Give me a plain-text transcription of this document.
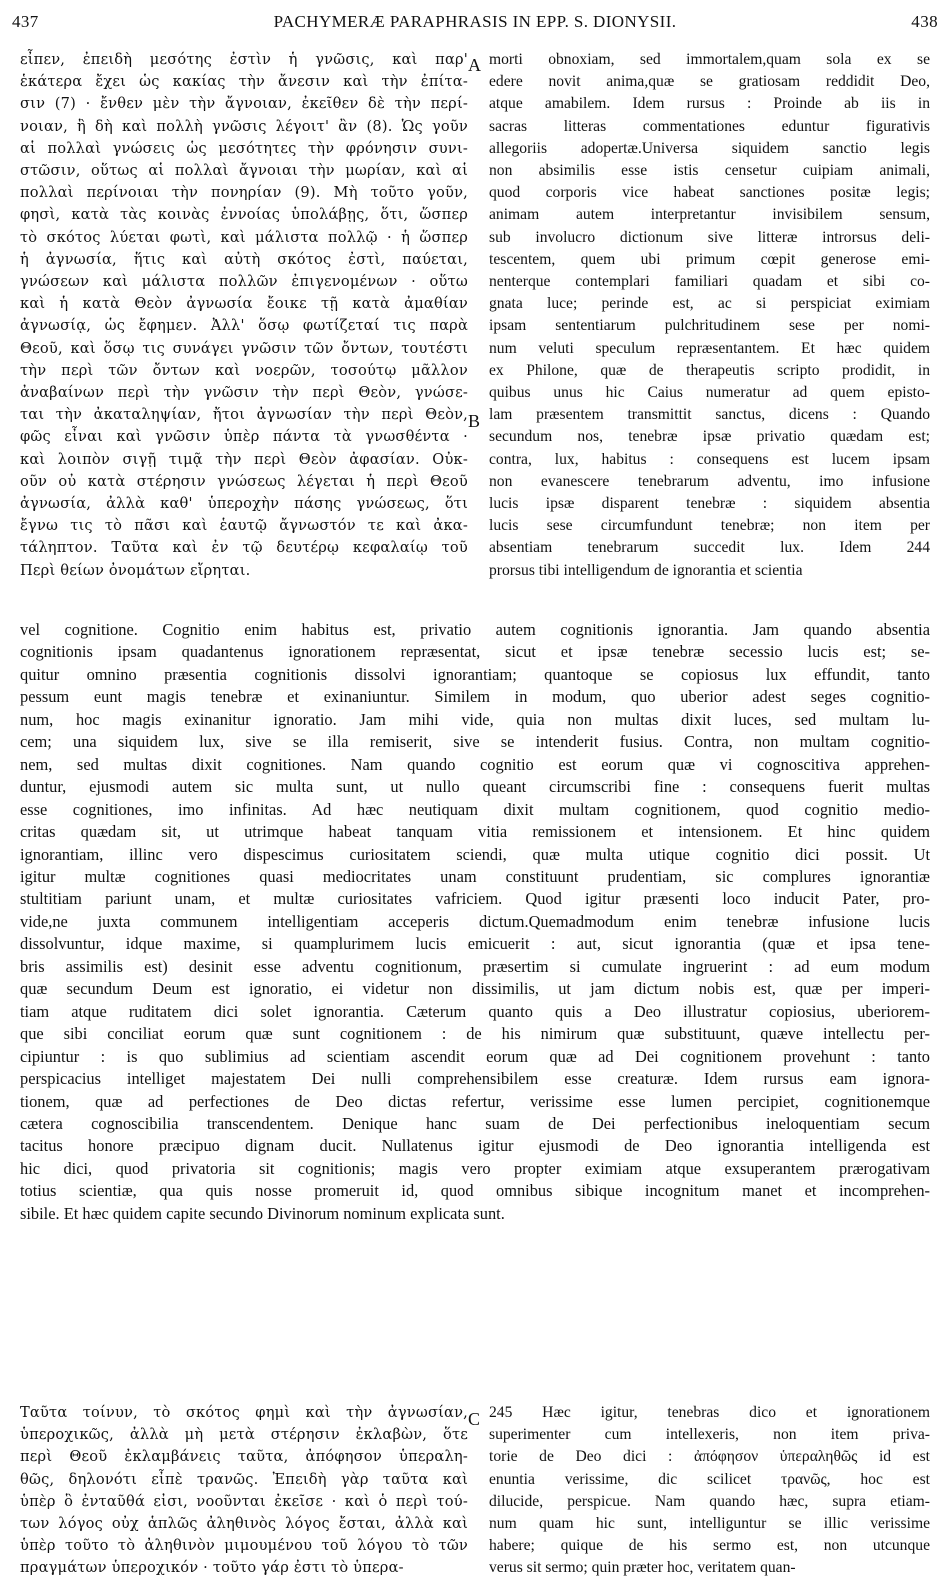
437	PACHYMERÆ PARAPHRASIS IN EPP. S. DIONYSII.	438
A
B
C
εἶπεν, ἐπειδὴ μεσότης ἐστὶν ἡ γνῶσις, καὶ παρ'
ἑκάτερα ἔχει ὡς κακίας τὴν ἄνεσιν καὶ τὴν ἐπίτα-
σιν (7) · ἔνθεν μὲν τὴν ἄγνοιαν, ἐκεῖθεν δὲ τὴν περί-
νοιαν, ἣ δὴ καὶ πολλὴ γνῶσις λέγοιτ' ἂν (8). Ὡς γοῦν
αἱ πολλαὶ γνώσεις ὡς μεσότητες τὴν φρόνησιν συνι-
στῶσιν, οὕτως αἱ πολλαὶ ἄγνοιαι τὴν μωρίαν, καὶ αἱ
πολλαὶ περίνοιαι τὴν πονηρίαν (9). Μὴ τοῦτο γοῦν,
φησὶ, κατὰ τὰς κοινὰς ἐννοίας ὑπολάβῃς, ὅτι, ὥσπερ
τὸ σκότος λύεται φωτὶ, καὶ μάλιστα πολλῷ · ἡ ὥσπερ
ἡ ἀγνωσία, ἥτις καὶ αὐτὴ σκότος ἐστὶ, παύεται,
γνώσεων καὶ μάλιστα πολλῶν ἐπιγενομένων · οὕτω
καὶ ἡ κατὰ Θεὸν ἀγνωσία ἔοικε τῇ κατὰ ἀμαθίαν
ἀγνωσίᾳ, ὡς ἔφημεν. Ἀλλ' ὅσῳ φωτίζεταί τις παρὰ
Θεοῦ, καὶ ὅσῳ τις συνάγει γνῶσιν τῶν ὄντων, τουτέστι
τὴν περὶ τῶν ὄντων καὶ νοερῶν, τοσούτῳ μᾶλλον
ἀναβαίνων περὶ τὴν γνῶσιν τὴν περὶ Θεὸν, γνώσε-
ται τὴν ἀκαταληψίαν, ἤτοι ἀγνωσίαν τὴν περὶ Θεὸν,
φῶς εἶναι καὶ γνῶσιν ὑπὲρ πάντα τὰ γνωσθέντα ·
καὶ λοιπὸν σιγῇ τιμᾷ τὴν περὶ Θεὸν ἀφασίαν. Οὐκ-
οῦν οὐ κατὰ στέρησιν γνώσεως λέγεται ἡ περὶ Θεοῦ
ἀγνωσία, ἀλλὰ καθ' ὑπεροχὴν πάσης γνώσεως, ὅτι
ἔγνω τις τὸ πᾶσι καὶ ἑαυτῷ ἄγνωστόν τε καὶ ἀκα-
τάληπτον. Ταῦτα καὶ ἐν τῷ δευτέρῳ κεφαλαίῳ τοῦ
Περὶ θείων ὀνομάτων εἴρηται.
morti obnoxiam, sed immortalem,quam sola ex se
edere novit anima,quæ se gratiosam reddidit Deo,
atque amabilem. Idem rursus : Proinde ab iis in
sacras litteras commentationes eduntur figurativis
allegoriis adopertæ.Universa siquidem sanctio legis
non absimilis esse istis censetur cuipiam animali,
quod corporis vice habeat sanctiones positæ legis;
animam autem interpretantur invisibilem sensum,
sub involucro dictionum sive litteræ introrsus deli-
tescentem, quem ubi primum cœpit generose emi-
nenterque contemplari familiari quadam et sibi co-
gnata luce; perinde est, ac si perspiciat eximiam
ipsam sententiarum pulchritudinem sese per nomi-
num veluti speculum repræsentantem. Et hæc quidem
ex Philone, quæ de therapeutis scripto prodidit, in
quibus unus hic Caius numeratur ad quem episto-
lam præsentem transmittit sanctus, dicens : Quando
secundum nos, tenebræ ipsæ privatio quædam est;
contra, lux, habitus : consequens est lucem ipsam
non evanescere tenebrarum adventu, imo infusione
lucis ipsæ disparent tenebræ : siquidem absentia
lucis sese circumfundunt tenebræ; non item per
absentiam tenebrarum succedit lux. Idem 244
prorsus tibi intelligendum de ignorantia et scientia
vel cognitione. Cognitio enim habitus est, privatio autem cognitionis ignorantia. Jam quando absentia
cognitionis ipsam quadantenus ignorationem repræsentat, sicut et ipsæ tenebræ secessio lucis est; se-
quitur omnino præsentia cognitionis dissolvi ignorantiam; quantoque se copiosus lux effundit, tanto
pessum eunt magis tenebræ et exinaniuntur. Similem in modum, quo uberior adest seges cognitio-
num, hoc magis exinanitur ignoratio. Jam mihi vide, quia non multas dixit luces, sed multam lu-
cem; una siquidem lux, sive se illa remiserit, sive se intenderit fusius. Contra, non multam cognitio-
nem, sed multas dixit cognitiones. Nam quando cognitio est eorum quæ vi cognoscitiva apprehen-
duntur, ejusmodi autem sic multa sunt, ut nullo queant circumscribi fine : consequens fuerit multas
esse cognitiones, imo infinitas. Ad hæc neutiquam dixit multam cognitionem, quod cognitio medio-
critas quædam sit, ut utrimque habeat tanquam vitia remissionem et intensionem. Et hinc quidem
ignorantiam, illinc vero dispescimus curiositatem sciendi, quæ multa utique cognitio dici possit. Ut
igitur multæ cognitiones quasi mediocritates unam constituunt prudentiam, sic complures ignorantiæ
stultitiam pariunt unam, et multæ curiositates vafriciem. Quod igitur præsenti loco inducit Pater, pro-
vide,ne juxta communem intelligentiam acceperis dictum.Quemadmodum enim tenebræ infusione lucis
dissolvuntur, idque maxime, si quamplurimem lucis emicuerit : aut, sicut ignorantia (quæ et ipsa tene-
bris assimilis est) desinit esse adventu cognitionum, præsertim si cumulate ingruerint : ad eum modum
quæ secundum Deum est ignoratio, ei videtur non dissimilis, ut jam dictum nobis est, quæ per imperi-
tiam atque ruditatem dici solet ignorantia. Cæterum quanto quis a Deo illustratur copiosius, uberiorem-
que sibi conciliat eorum quæ sunt cognitionem : de his nimirum quæ substituunt, quæve intellectu per-
cipiuntur : is quo sublimius ad scientiam ascendit eorum quæ ad Dei cognitionem provehunt : tanto
perspicacius intelliget majestatem Dei nulli comprehensibilem esse creaturæ. Idem rursus eam ignora-
tionem, quæ ad perfectiones de Deo dictas refertur, verissime esse lumen percipiet, cognitionemque
cætera cognoscibilia transcendentem. Denique hanc suam de Dei perfectionibus ineloquentiam secum
tacitus honore præcipuo dignam ducit. Nullatenus igitur ejusmodi de Deo ignorantia intelligenda est
hic dici, quod privatoria sit cognitionis; magis vero propter eximiam atque exsuperantem prærogativam
totius scientiæ, qua quis nosse promeruit id, quod omnibus sibique incognitum manet et incomprehen-
sibile. Et hæc quidem capite secundo Divinorum nominum explicata sunt.
Ταῦτα τοίνυν, τὸ σκότος φημὶ καὶ τὴν ἀγνωσίαν,
ὑπεροχικῶς, ἀλλὰ μὴ μετὰ στέρησιν ἐκλαβὼν, ὅτε
περὶ Θεοῦ ἐκλαμβάνεις ταῦτα, ἀπόφησον ὑπεραλη-
θῶς, δηλονότι εἶπὲ τρανῶς. Ἐπειδὴ γὰρ ταῦτα καὶ
ὑπὲρ ὃ ἐνταῦθά εἰσι, νοοῦνται ἐκεῖσε · καὶ ὁ περὶ τού-
των λόγος οὐχ ἁπλῶς ἀληθινὸς λόγος ἔσται, ἀλλὰ καὶ
ὑπὲρ τοῦτο τὸ ἀληθινὸν μιμουμένου τοῦ λόγου τὸ τῶν
πραγμάτων ὑπεροχικόν · τοῦτο γάρ ἐστι τὸ ὑπερα-
245 Hæc igitur, tenebras dico et ignorationem
superimenter cum intellexeris, non item priva-
torie de Deo dici : ἀπόφησον ὑπεραληθῶς id est
enuntia verissime, dic scilicet τρανῶς, hoc est
dilucide, perspicue. Nam quando hæc, supra etiam-
num quam hic sunt, intelliguntur se illic verissime
habere; quique de his sermo est, non utcunque
verus sit sermo; quin præter hoc, veritatem quan-
